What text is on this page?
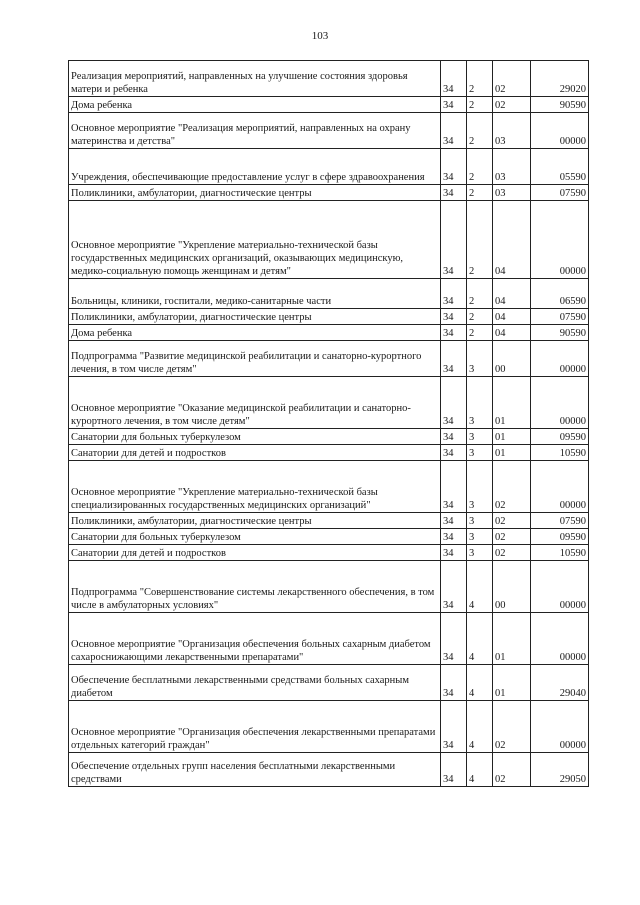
103
Реализация мероприятий, направленных на улучшение состояния здоровья матери и ребенка	34	2	02	29020
Дома ребенка	34	2	02	90590
Основное мероприятие "Реализация мероприятий, направленных на охрану материнства и детства"	34	2	03	00000
Учреждения, обеспечивающие предоставление услуг в сфере здравоохранения	34	2	03	05590
Поликлиники, амбулатории, диагностические центры	34	2	03	07590
Основное мероприятие "Укрепление материально-технической базы государственных медицинских организаций, оказывающих медицинскую, медико-социальную помощь женщинам и детям"	34	2	04	00000
Больницы, клиники, госпитали, медико-санитарные части	34	2	04	06590
Поликлиники, амбулатории, диагностические центры	34	2	04	07590
Дома ребенка	34	2	04	90590
Подпрограмма "Развитие медицинской реабилитации и санаторно-курортного лечения, в том числе детям"	34	3	00	00000
Основное мероприятие "Оказание медицинской реабилитации и санаторно-курортного лечения, в том числе детям"	34	3	01	00000
Санатории для больных туберкулезом	34	3	01	09590
Санатории для детей и подростков	34	3	01	10590
Основное мероприятие "Укрепление материально-технической базы специализированных государственных медицинских организаций"	34	3	02	00000
Поликлиники, амбулатории, диагностические центры	34	3	02	07590
Санатории для больных туберкулезом	34	3	02	09590
Санатории для детей и подростков	34	3	02	10590
Подпрограмма "Совершенствование системы лекарственного обеспечения, в том числе в амбулаторных условиях"	34	4	00	00000
Основное мероприятие "Организация обеспечения больных сахарным диабетом сахароснижающими лекарственными препаратами"	34	4	01	00000
Обеспечение бесплатными лекарственными средствами больных сахарным диабетом	34	4	01	29040
Основное мероприятие "Организация обеспечения лекарственными препаратами отдельных категорий граждан"	34	4	02	00000
Обеспечение отдельных групп населения бесплатными лекарственными средствами	34	4	02	29050
